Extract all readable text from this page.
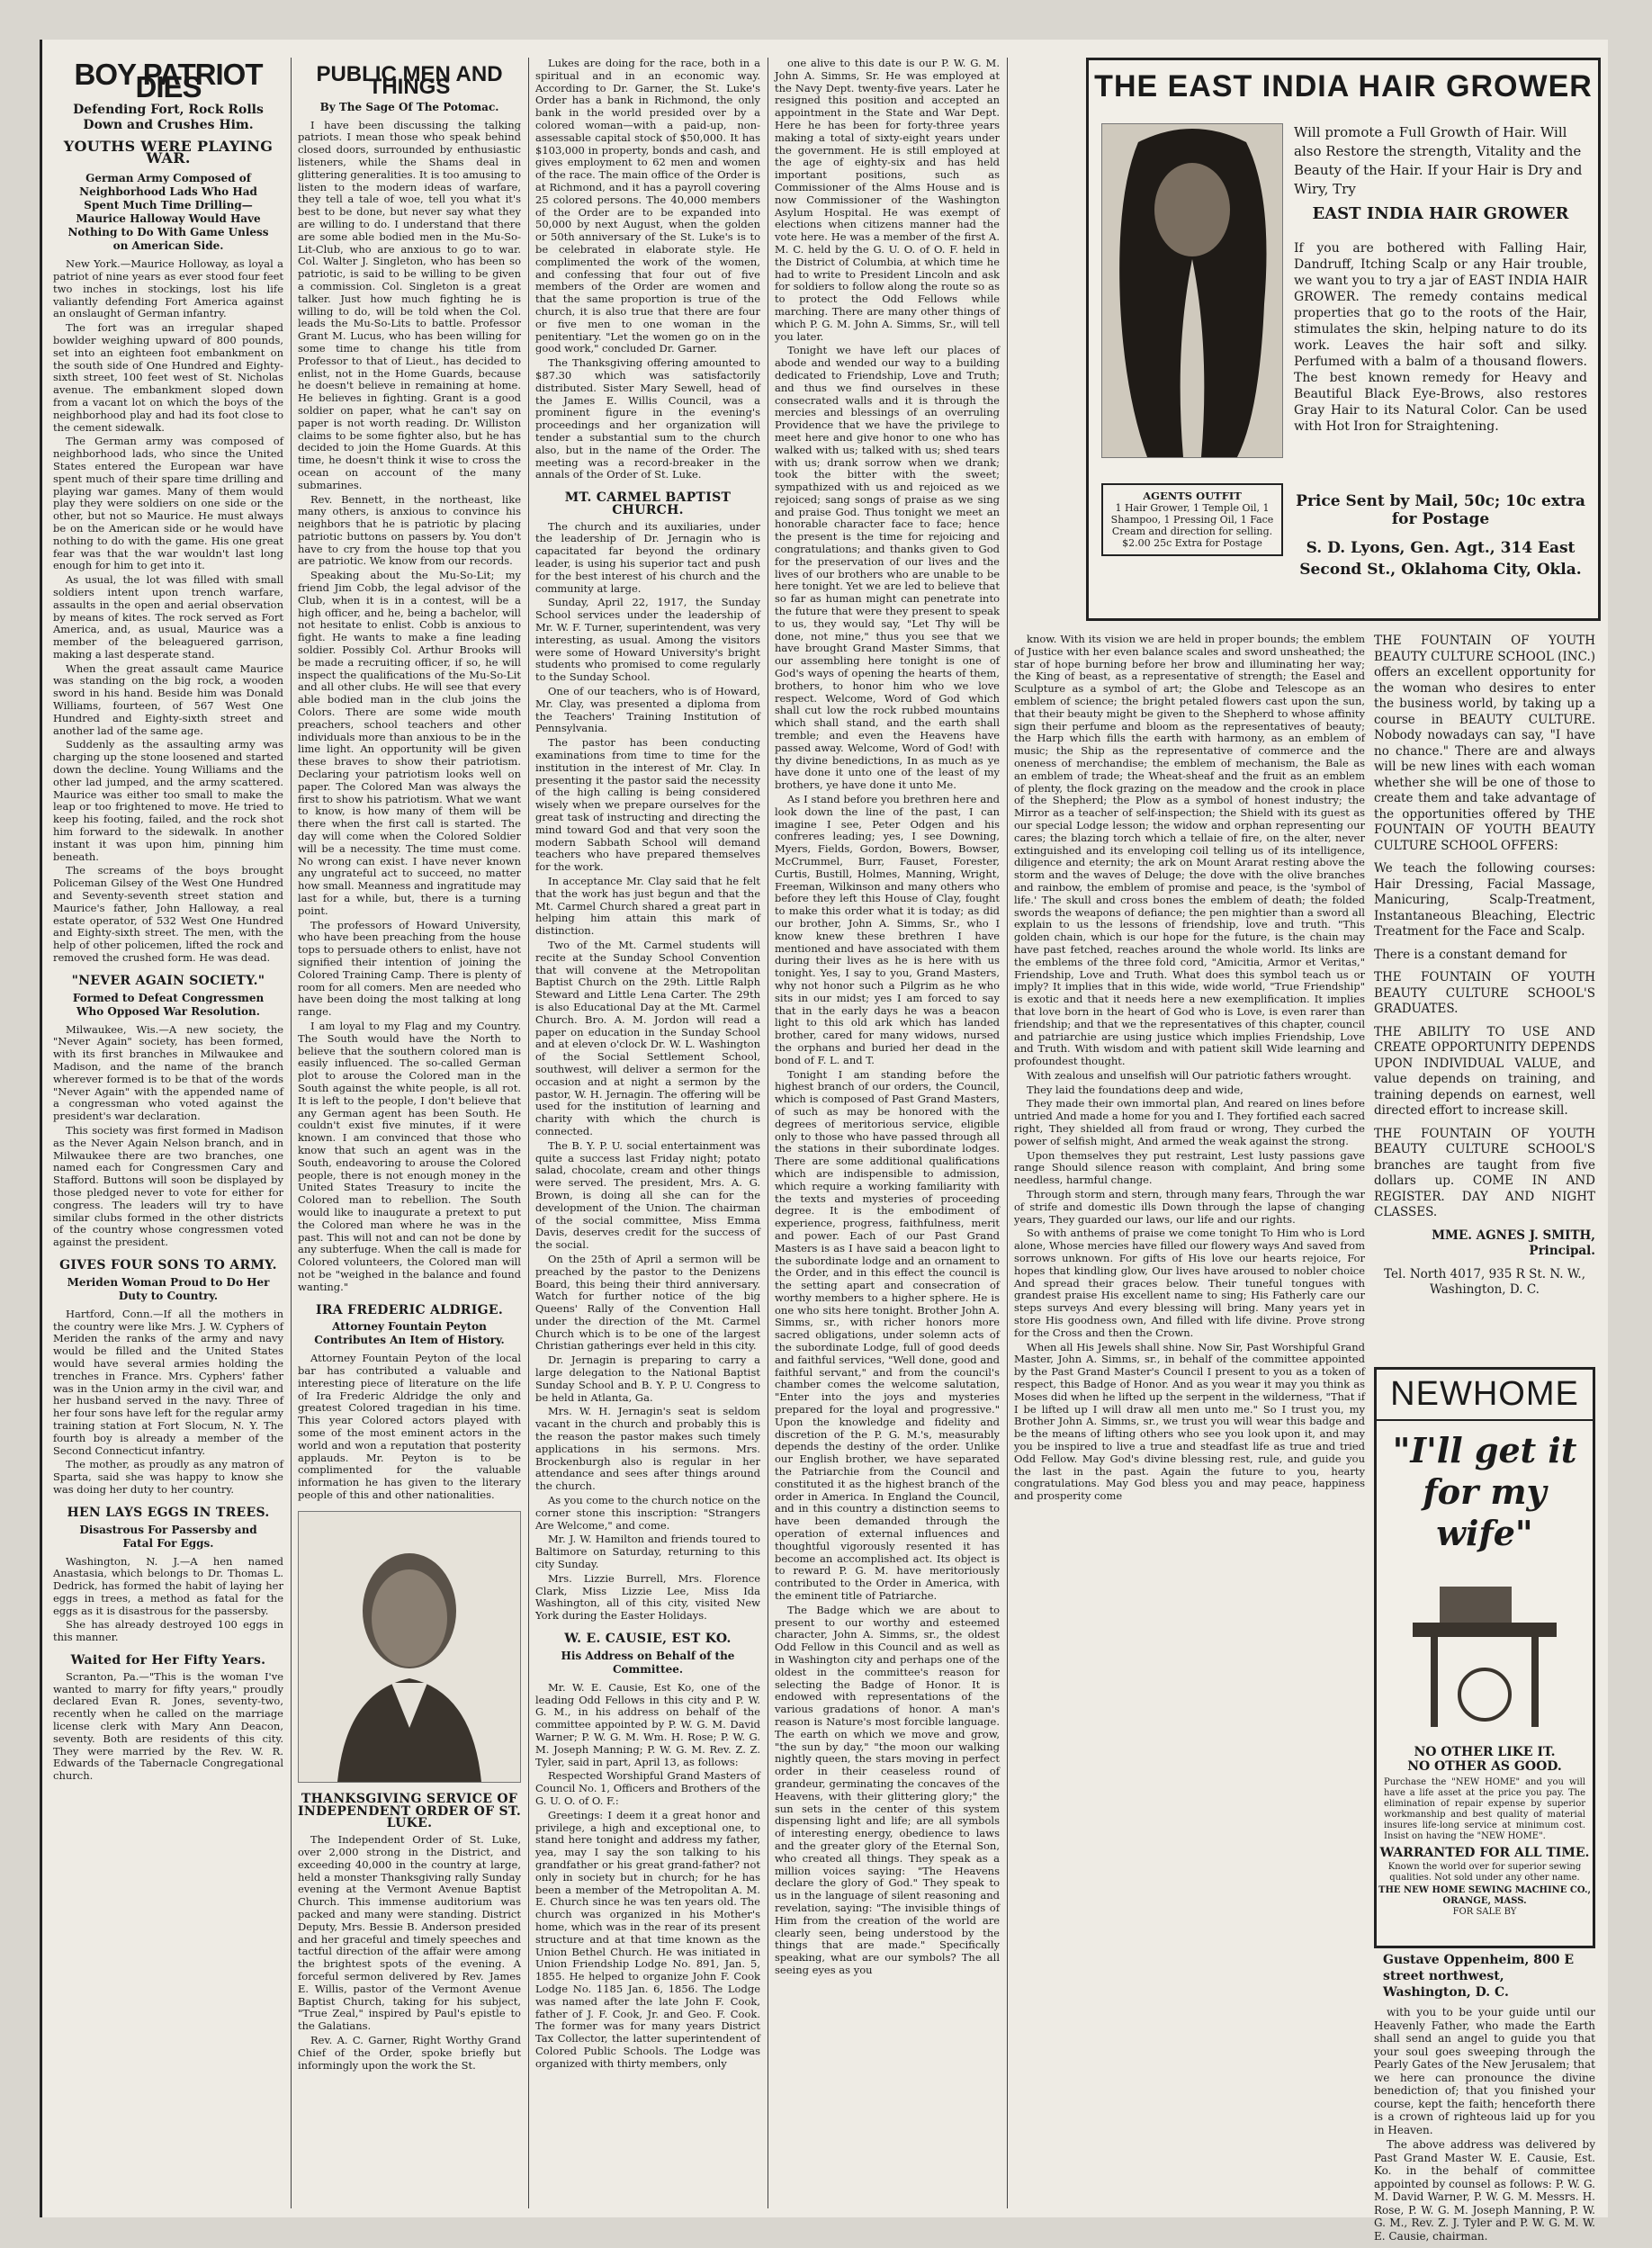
BOY PATRIOT DIES
Defending Fort, Rock Rolls Down and Crushes Him.
YOUTHS WERE PLAYING WAR.
German Army Composed of Neighborhood Lads Who Had Spent Much Time Drilling—Maurice Halloway Would Have Nothing to Do With Game Unless on American Side.

New York.—Maurice Holloway, as loyal a patriot of nine years as ever stood four feet two inches in stockings, lost his life valiantly defending Fort America against an onslaught of German infantry.

The fort was an irregular shaped bowlder weighing upward of 800 pounds, set into an eighteen foot embankment on the south side of One Hundred and Eighty-sixth street, 100 feet west of St. Nicholas avenue. The embankment sloped down from a vacant lot on which the boys of the neighborhood play and had its foot close to the cement sidewalk.

The German army was composed of neighborhood lads, who since the United States entered the European war have spent much of their spare time drilling and playing war games. Many of them would play they were soldiers on one side or the other, but not so Maurice. He must always be on the American side or he would have nothing to do with the game. His one great fear was that the war wouldn't last long enough for him to get into it.

As usual, the lot was filled with small soldiers intent upon trench warfare, assaults in the open and aerial observation by means of kites. The rock served as Fort America, and, as usual, Maurice was a member of the beleaguered garrison, making a last desperate stand.

When the great assault came Maurice was standing on the big rock, a wooden sword in his hand. Beside him was Donald Williams, fourteen, of 567 West One Hundred and Eighty-sixth street and another lad of the same age.

Suddenly as the assaulting army was charging up the stone loosened and started down the decline. Young Williams and the other lad jumped, and the army scattered. Maurice was either too small to make the leap or too frightened to move. He tried to keep his footing, failed, and the rock shot him forward to the sidewalk. In another instant it was upon him, pinning him beneath.

The screams of the boys brought Policeman Gilsey of the West One Hundred and Seventy-seventh street station and Maurice's father, John Halloway, a real estate operator, of 532 West One Hundred and Eighty-sixth street. The men, with the help of other policemen, lifted the rock and removed the crushed form. He was dead.

"NEVER AGAIN SOCIETY."
Formed to Defeat Congressmen Who Opposed War Resolution.

Milwaukee, Wis.—A new society, the "Never Again" society, has been formed, with its first branches in Milwaukee and Madison, and the name of the branch wherever formed is to be that of the words "Never Again" with the appended name of a congressman who voted against the president's war declaration.

This society was first formed in Madison as the Never Again Nelson branch, and in Milwaukee there are two branches, one named each for Congressmen Cary and Stafford. Buttons will soon be displayed by those pledged never to vote for either for congress. The leaders will try to have similar clubs formed in the other districts of the country whose congressmen voted against the president.

GIVES FOUR SONS TO ARMY.
Meriden Woman Proud to Do Her Duty to Country.

Hartford, Conn.—If all the mothers in the country were like Mrs. J. W. Cyphers of Meriden the ranks of the army and navy would be filled and the United States would have several armies holding the trenches in France. Mrs. Cyphers' father was in the Union army in the civil war, and her husband served in the navy. Three of her four sons have left for the regular army training station at Fort Slocum, N. Y. The fourth boy is already a member of the Second Connecticut infantry.

The mother, as proudly as any matron of Sparta, said she was happy to know she was doing her duty to her country.

HEN LAYS EGGS IN TREES.
Disastrous For Passersby and Fatal For Eggs.

Washington, N. J.—A hen named Anastasia, which belongs to Dr. Thomas L. Dedrick, has formed the habit of laying her eggs in trees, a method as fatal for the eggs as it is disastrous for the passersby.

She has already destroyed 100 eggs in this manner.

Waited for Her Fifty Years.

Scranton, Pa.—"This is the woman I've wanted to marry for fifty years," proudly declared Evan R. Jones, seventy-two, recently when he called on the marriage license clerk with Mary Ann Deacon, seventy. Both are residents of this city. They were married by the Rev. W. R. Edwards of the Tabernacle Congregational church.

PUBLIC MEN AND THINGS
By The Sage Of The Potomac.

I have been discussing the talking patriots. I mean those who speak behind closed doors, surrounded by enthusiastic listeners, while the Shams deal in glittering generalities. It is too amusing to listen to the modern ideas of warfare, they tell a tale of woe, tell you what it's best to be done, but never say what they are willing to do. I understand that there are some able bodied men in the Mu-So-Lit-Club, who are anxious to go to war. Col. Walter J. Singleton, who has been so patriotic, is said to be willing to be given a commission. Col. Singleton is a great talker. Just how much fighting he is willing to do, will be told when the Col. leads the Mu-So-Lits to battle. Professor Grant M. Lucus, who has been willing for some time to change his title from Professor to that of Lieut., has decided to enlist, not in the Home Guards, because he doesn't believe in remaining at home. He believes in fighting. Grant is a good soldier on paper, what he can't say on paper is not worth reading. Dr. Williston claims to be some fighter also, but he has decided to join the Home Guards. At this time, he doesn't think it wise to cross the ocean on account of the many submarines.

Rev. Bennett, in the northeast, like many others, is anxious to convince his neighbors that he is patriotic by placing patriotic buttons on passers by. You don't have to cry from the house top that you are patriotic. We know from our records.

Speaking about the Mu-So-Lit; my friend Jim Cobb, the legal advisor of the Club, when it is in a contest, will be a high officer, and he, being a bachelor, will not hesitate to enlist. Cobb is anxious to fight. He wants to make a fine leading soldier. Possibly Col. Arthur Brooks will be made a recruiting officer, if so, he will inspect the qualifications of the Mu-So-Lit and all other clubs. He will see that every able bodied man in the club joins the Colors. There are some wide mouth preachers, school teachers and other individuals more than anxious to be in the lime light. An opportunity will be given these braves to show their patriotism. Declaring your patriotism looks well on paper. The Colored Man was always the first to show his patriotism. What we want to know, is how many of them will be there when the first call is started. The day will come when the Colored Soldier will be a necessity. The time must come. No wrong can exist. I have never known any ungrateful act to succeed, no matter how small. Meanness and ingratitude may last for a while, but, there is a turning point.

The professors of Howard University, who have been preaching from the house tops to persuade others to enlist, have not signified their intention of joining the Colored Training Camp. There is plenty of room for all comers. Men are needed who have been doing the most talking at long range.

I am loyal to my Flag and my Country. The South would have the North to believe that the southern colored man is easily influenced. The so-called German plot to arouse the Colored man in the South against the white people, is all rot. It is left to the people, I don't believe that any German agent has been South. He couldn't exist five minutes, if it were known. I am convinced that those who know that such an agent was in the South, endeavoring to arouse the Colored people, there is not enough money in the United States Treasury to incite the Colored man to rebellion. The South would like to inaugurate a pretext to put the Colored man where he was in the past. This will not and can not be done by any subterfuge. When the call is made for Colored volunteers, the Colored man will not be "weighed in the balance and found wanting."

IRA FREDERIC ALDRIGE.
Attorney Fountain Peyton Contributes An Item of History.

Attorney Fountain Peyton of the local bar has contributed a valuable and interesting piece of literature on the life of Ira Frederic Aldridge the only and greatest Colored tragedian in his time. This year Colored actors played with some of the most eminent actors in the world and won a reputation that posterity applauds. Mr. Peyton is to be complimented for the valuable information he has given to the literary people of this and other nationalities.

THANKSGIVING SERVICE OF INDEPENDENT ORDER OF ST. LUKE.

The Independent Order of St. Luke, over 2,000 strong in the District, and exceeding 40,000 in the country at large, held a monster Thanksgiving rally Sunday evening at the Vermont Avenue Baptist Church. This immense auditorium was packed and many were standing. District Deputy, Mrs. Bessie B. Anderson presided and her graceful and timely speeches and tactful direction of the affair were among the brightest spots of the evening. A forceful sermon delivered by Rev. James E. Willis, pastor of the Vermont Avenue Baptist Church, taking for his subject, "True Zeal," inspired by Paul's epistle to the Galatians.

Rev. A. C. Garner, Right Worthy Grand Chief of the Order, spoke briefly but informingly upon the work the St.

Lukes are doing for the race, both in a spiritual and in an economic way. According to Dr. Garner, the St. Luke's Order has a bank in Richmond, the only bank in the world presided over by a colored woman—with a paid-up, non-assessable capital stock of $50,000. It has $103,000 in property, bonds and cash, and gives employment to 62 men and women of the race. The main office of the Order is at Richmond, and it has a payroll covering 25 colored persons. The 40,000 members of the Order are to be expanded into 50,000 by next August, when the golden or 50th anniversary of the St. Luke's is to be celebrated in elaborate style. He complimented the work of the women, and confessing that four out of five members of the Order are women and that the same proportion is true of the church, it is also true that there are four or five men to one woman in the penitentiary. "Let the women go on in the good work," concluded Dr. Garner.

The Thanksgiving offering amounted to $87.30 which was satisfactorily distributed. Sister Mary Sewell, head of the James E. Willis Council, was a prominent figure in the evening's proceedings and her organization will tender a substantial sum to the church also, but in the name of the Order. The meeting was a record-breaker in the annals of the Order of St. Luke.

MT. CARMEL BAPTIST CHURCH.

The church and its auxiliaries, under the leadership of Dr. Jernagin who is capacitated far beyond the ordinary leader, is using his superior tact and push for the best interest of his church and the community at large.

Sunday, April 22, 1917, the Sunday School services under the leadership of Mr. W. F. Turner, superintendent, was very interesting, as usual. Among the visitors were some of Howard University's bright students who promised to come regularly to the Sunday School.

One of our teachers, who is of Howard, Mr. Clay, was presented a diploma from the Teachers' Training Institution of Pennsylvania.

The pastor has been conducting examinations from time to time for the institution in the interest of Mr. Clay. In presenting it the pastor said the necessity of the high calling is being considered wisely when we prepare ourselves for the great task of instructing and directing the mind toward God and that very soon the modern Sabbath School will demand teachers who have prepared themselves for the work.

In acceptance Mr. Clay said that he felt that the work has just begun and that the Mt. Carmel Church shared a great part in helping him attain this mark of distinction.

Two of the Mt. Carmel students will recite at the Sunday School Convention that will convene at the Metropolitan Baptist Church on the 29th. Little Ralph Steward and Little Lena Carter. The 29th is also Educational Day at the Mt. Carmel Church. Bro. A. M. Jordon will read a paper on education in the Sunday School and at eleven o'clock Dr. W. L. Washington of the Social Settlement School, southwest, will deliver a sermon for the occasion and at night a sermon by the pastor, W. H. Jernagin. The offering will be used for the institution of learning and charity with which the church is connected.

The B. Y. P. U. social entertainment was quite a success last Friday night; potato salad, chocolate, cream and other things were served. The president, Mrs. A. G. Brown, is doing all she can for the development of the Union. The chairman of the social committee, Miss Emma Davis, deserves credit for the success of the social.

On the 25th of April a sermon will be preached by the pastor to the Denizens Board, this being their third anniversary. Watch for further notice of the big Queens' Rally of the Convention Hall under the direction of the Mt. Carmel Church which is to be one of the largest Christian gatherings ever held in this city.

Dr. Jernagin is preparing to carry a large delegation to the National Baptist Sunday School and B. Y. P. U. Congress to be held in Atlanta, Ga.

Mrs. W. H. Jernagin's seat is seldom vacant in the church and probably this is the reason the pastor makes such timely applications in his sermons. Mrs. Brockenburgh also is regular in her attendance and sees after things around the church.

As you come to the church notice on the corner stone this inscription: "Strangers Are Welcome," and come.

Mr. J. W. Hamilton and friends toured to Baltimore on Saturday, returning to this city Sunday.

Mrs. Lizzie Burrell, Mrs. Florence Clark, Miss Lizzie Lee, Miss Ida Washington, all of this city, visited New York during the Easter Holidays.

W. E. CAUSIE, EST KO.
His Address on Behalf of the Committee.

Mr. W. E. Causie, Est Ko, one of the leading Odd Fellows in this city and P. W. G. M., in his address on behalf of the committee appointed by P. W. G. M. David Warner; P. W. G. M. Wm. H. Rose; P. W. G. M. Joseph Manning; P. W. G. M. Rev. Z. Z. Tyler, said in part, April 13, as follows:

Respected Worshipful Grand Masters of Council No. 1, Officers and Brothers of the G. U. O. of O. F.:

Greetings: I deem it a great honor and privilege, a high and exceptional one, to stand here tonight and address my father, yea, may I say the son talking to his grandfather or his great grand-father? not only in society but in church; for he has been a member of the Metropolitan A. M. E. Church since he was ten years old. The church was organized in his Mother's home, which was in the rear of its present structure and at that time known as the Union Bethel Church. He was initiated in Union Friendship Lodge No. 891, Jan. 5, 1855. He helped to organize John F. Cook Lodge No. 1185 Jan. 6, 1856. The Lodge was named after the late John F. Cook, father of J. F. Cook, Jr. and Geo. F. Cook. The former was for many years District Tax Collector, the latter superintendent of Colored Public Schools. The Lodge was organized with thirty members, only

one alive to this date is our P. W. G. M. John A. Simms, Sr. He was employed at the Navy Dept. twenty-five years. Later he resigned this position and accepted an appointment in the State and War Dept. Here he has been for forty-three years making a total of sixty-eight years under the government. He is still employed at the age of eighty-six and has held important positions, such as Commissioner of the Alms House and is now Commissioner of the Washington Asylum Hospital. He was exempt of elections when citizens manner had the vote here. He was a member of the first A. M. C. held by the G. U. O. of O. F. held in the District of Columbia, at which time he had to write to President Lincoln and ask for soldiers to follow along the route so as to protect the Odd Fellows while marching. There are many other things of which P. G. M. John A. Simms, Sr., will tell you later.

Tonight we have left our places of abode and wended our way to a building dedicated to Friendship, Love and Truth; and thus we find ourselves in these consecrated walls and it is through the mercies and blessings of an overruling Providence that we have the privilege to meet here and give honor to one who has walked with us; talked with us; shed tears with us; drank sorrow when we drank; took the bitter with the sweet; sympathized with us and rejoiced as we rejoiced; sang songs of praise as we sing and praise God. Thus tonight we meet an honorable character face to face; hence the present is the time for rejoicing and congratulations; and thanks given to God for the preservation of our lives and the lives of our brothers who are unable to be here tonight. Yet we are led to believe that so far as human might can penetrate into the future that were they present to speak to us, they would say, "Let Thy will be done, not mine," thus you see that we have brought Grand Master Simms, that our assembling here tonight is one of God's ways of opening the hearts of them, brothers, to honor him who we love respect. Welcome, Word of God which shall cut low the rock rubbed mountains which shall stand, and the earth shall tremble; and even the Heavens have passed away. Welcome, Word of God! with thy divine benedictions, In as much as ye have done it unto one of the least of my brothers, ye have done it unto Me.

As I stand before you brethren here and look down the line of the past, I can imagine I see, Peter Odgen and his confreres leading; yes, I see Downing, Myers, Fields, Gordon, Bowers, Bowser, McCrummel, Burr, Fauset, Forester, Curtis, Bustill, Holmes, Manning, Wright, Freeman, Wilkinson and many others who before they left this House of Clay, fought to make this order what it is today; as did our brother, John A. Simms, Sr., who I know knew these brethren I have mentioned and have associated with them during their lives as he is here with us tonight. Yes, I say to you, Grand Masters, why not honor such a Pilgrim as he who sits in our midst; yes I am forced to say that in the early days he was a beacon light to this old ark which has landed brother, cared for many widows, nursed the orphans and buried her dead in the bond of F. L. and T.

Tonight I am standing before the highest branch of our orders, the Council, which is composed of Past Grand Masters, of such as may be honored with the degrees of meritorious service, eligible only to those who have passed through all the stations in their subordinate lodges. There are some additional qualifications which are indispensible to admission, which require a working familiarity with the texts and mysteries of proceeding degree. It is the embodiment of experience, progress, faithfulness, merit and power. Each of our Past Grand Masters is as I have said a beacon light to the subordinate lodge and an ornament to the Order, and in this effect the council is the setting apart and consecration of worthy members to a higher sphere. He is one who sits here tonight. Brother John A. Simms, sr., with richer honors more sacred obligations, under solemn acts of the subordinate Lodge, full of good deeds and faithful services, "Well done, good and faithful servant," and from the council's chamber comes the welcome salutation, "Enter into the joys and mysteries prepared for the loyal and progressive." Upon the knowledge and fidelity and discretion of the P. G. M.'s, measurably depends the destiny of the order. Unlike our English brother, we have separated the Patriarchie from the Council and constituted it as the highest branch of the order in America. In England the Council, and in this country a distinction seems to have been demanded through the operation of external influences and thoughtful vigorously resented it has become an accomplished act. Its object is to reward P. G. M. have meritoriously contributed to the Order in America, with the eminent title of Patriarche.

The Badge which we are about to present to our worthy and esteemed character, John A. Simms, sr., the oldest Odd Fellow in this Council and as well as in Washington city and perhaps one of the oldest in the committee's reason for selecting the Badge of Honor. It is endowed with representations of the various gradations of honor. A man's reason is Nature's most forcible language. The earth on which we move and grow, "the sun by day," "the moon our walking nightly queen, the stars moving in perfect order in their ceaseless round of grandeur, germinating the concaves of the Heavens, with their glittering glory;" the sun sets in the center of this system dispensing light and life; are all symbols of interesting energy, obedience to laws and the greater glory of the Eternal Son, who created all things. They speak as a million voices saying: "The Heavens declare the glory of God." They speak to us in the language of silent reasoning and revelation, saying: "The invisible things of Him from the creation of the world are clearly seen, being understood by the things that are made." Specifically speaking, what are our symbols? The all seeing eyes as you

THE EAST INDIA HAIR GROWER
Will promote a Full Growth of Hair. Will also Restore the strength, Vitality and the Beauty of the Hair. If your Hair is Dry and Wiry, Try
EAST INDIA HAIR GROWER
If you are bothered with Falling Hair, Dandruff, Itching Scalp or any Hair trouble, we want you to try a jar of EAST INDIA HAIR GROWER. The remedy contains medical properties that go to the roots of the Hair, stimulates the skin, helping nature to do its work. Leaves the hair soft and silky. Perfumed with a balm of a thousand flowers. The best known remedy for Heavy and Beautiful Black Eye-Brows, also restores Gray Hair to its Natural Color. Can be used with Hot Iron for Straightening.
Price Sent by Mail, 50c; 10c extra for Postage
AGENTS OUTFIT
1 Hair Grower, 1 Temple Oil, 1 Shampoo, 1 Pressing Oil, 1 Face Cream and direction for selling. $2.00 25c Extra for Postage	S. D. Lyons, Gen. Agt., 314 East Second St., Oklahoma City, Okla.

THE FOUNTAIN OF YOUTH BEAUTY CULTURE SCHOOL (INC.) offers an excellent opportunity for the woman who desires to enter the business world, by taking up a course in BEAUTY CULTURE. Nobody nowadays can say, "I have no chance." There are and always will be new lines with each woman whether she will be one of those to create them and take advantage of the opportunities offered by THE FOUNTAIN OF YOUTH BEAUTY CULTURE SCHOOL OFFERS:

We teach the following courses: Hair Dressing, Facial Massage, Manicuring, Scalp-Treatment, Instantaneous Bleaching, Electric Treatment for the Face and Scalp.

There is a constant demand for

THE FOUNTAIN OF YOUTH BEAUTY CULTURE SCHOOL'S GRADUATES.

THE ABILITY TO USE AND CREATE OPPORTUNITY DEPENDS UPON INDIVIDUAL VALUE, and value depends on training, and training depends on earnest, well directed effort to increase skill.

THE FOUNTAIN OF YOUTH BEAUTY CULTURE SCHOOL'S branches are taught from five dollars up. COME IN AND REGISTER. DAY AND NIGHT CLASSES.

MME. AGNES J. SMITH, Principal.

Tel. North 4017, 935 R St. N. W., Washington, D. C.

know. With its vision we are held in proper bounds; the emblem of Justice with her even balance scales and sword unsheathed; the star of hope burning before her brow and illuminating her way; the King of beast, as a representative of strength; the Easel and Sculpture as a symbol of art; the Globe and Telescope as an emblem of science; the bright petaled flowers cast upon the sun, that their beauty might be given to the Shepherd to whose affinity sign their perfume and bloom as the representatives of beauty; the Harp which fills the earth with harmony, as an emblem of music; the Ship as the representative of commerce and the oneness of merchandise; the emblem of mechanism, the Bale as an emblem of trade; the Wheat-sheaf and the fruit as an emblem of plenty, the flock grazing on the meadow and the crook in place of the Shepherd; the Plow as a symbol of honest industry; the Mirror as a teacher of self-inspection; the Shield with its guest as our special Lodge lesson; the widow and orphan representing our cares; the blazing torch which a tellaie of fire, on the alter, never extinguished and its enveloping coil telling us of its intelligence, diligence and eternity; the ark on Mount Ararat resting above the storm and the waves of Deluge; the dove with the olive branches and rainbow, the emblem of promise and peace, is the 'symbol of life.' The skull and cross bones the emblem of death; the folded swords the weapons of defiance; the pen mightier than a sword all explain to us the lessons of friendship, love and truth. "This golden chain, which is our hope for the future, is the chain may have past fetched, reaches around the whole world. Its links are the emblems of the three fold cord, "Amicitia, Armor et Veritas," Friendship, Love and Truth. What does this symbol teach us or imply? It implies that in this wide, wide world, "True Friendship" is exotic and that it needs here a new exemplification. It implies that love born in the heart of God who is Love, is even rarer than friendship; and that we the representatives of this chapter, council and patriarchie are using justice which implies Friendship, Love and Truth. With wisdom and with patient skill Wide learning and profoundest thought.

With zealous and unselfish will Our patriotic fathers wrought.

They laid the foundations deep and wide,

They made their own immortal plan, And reared on lines before untried And made a home for you and I. They fortified each sacred right, They shielded all from fraud or wrong, They curbed the power of selfish might, And armed the weak against the strong.

Upon themselves they put restraint, Lest lusty passions gave range Should silence reason with complaint, And bring some needless, harmful change.

Through storm and stern, through many fears, Through the war of strife and domestic ills Down through the lapse of changing years, They guarded our laws, our life and our rights.

So with anthems of praise we come tonight To Him who is Lord alone, Whose mercies have filled our flowery ways And saved from sorrows unknown. For gifts of His love our hearts rejoice, For hopes that kindling glow, Our lives have aroused to nobler choice And spread their graces below. Their tuneful tongues with grandest praise His excellent name to sing; His Fatherly care our steps surveys And every blessing will bring. Many years yet in store His goodness own, And filled with life divine. Prove strong for the Cross and then the Crown.

When all His Jewels shall shine. Now Sir, Past Worshipful Grand Master, John A. Simms, sr., in behalf of the committee appointed by the Past Grand Master's Council I present to you as a token of respect, this Badge of Honor. And as you wear it may you think as Moses did when he lifted up the serpent in the wilderness, "That if I be lifted up I will draw all men unto me." So I trust you, my Brother John A. Simms, sr., we trust you will wear this badge and be the means of lifting others who see you look upon it, and may you be inspired to live a true and steadfast life as true and tried Odd Fellow. May God's divine blessing rest, rule, and guide you the last in the past. Again the future to you, hearty congratulations. May God bless you and may peace, happiness and prosperity come

NEWHOME
"I'll get it for my wife"
NO OTHER LIKE IT.
NO OTHER AS GOOD.
Purchase the "NEW HOME" and you will have a life asset at the price you pay. The elimination of repair expense by superior workmanship and best quality of material insures life-long service at minimum cost. Insist on having the "NEW HOME".
WARRANTED FOR ALL TIME.
Known the world over for superior sewing qualities. Not sold under any other name.
THE NEW HOME SEWING MACHINE CO., ORANGE, MASS.
FOR SALE BY
Gustave Oppenheim, 800 E street northwest, Washington, D. C.

with you to be your guide until our Heavenly Father, who made the Earth shall send an angel to guide you that your soul goes sweeping through the Pearly Gates of the New Jerusalem; that we here can pronounce the divine benediction of; that you finished your course, kept the faith; henceforth there is a crown of righteous laid up for you in Heaven.

The above address was delivered by Past Grand Master W. E. Causie, Est. Ko. in the behalf of committee appointed by counsel as follows: P. W. G. M. David Warner, P. W. G. M. Messrs. H. Rose, P. W. G. M. Joseph Manning, P. W. G. M., Rev. Z. J. Tyler and P. W. G. M. W. E. Causie, chairman.
